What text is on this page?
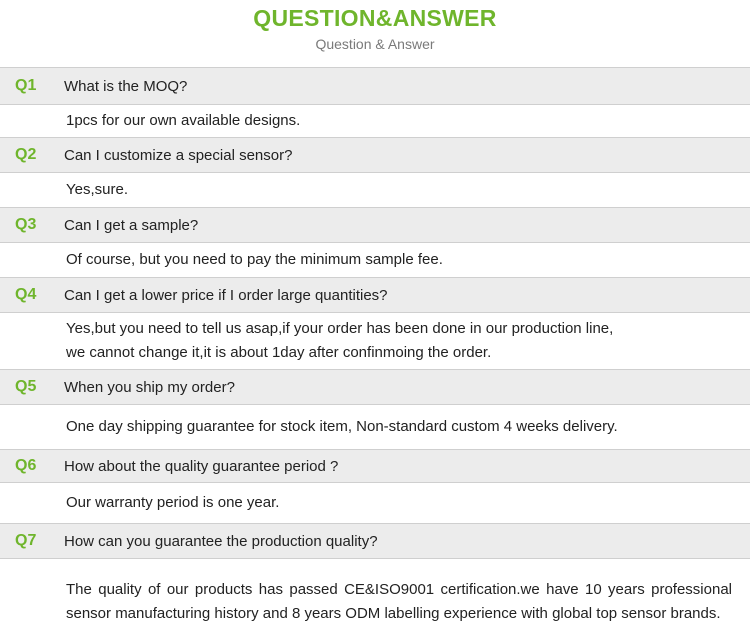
QUESTION&ANSWER
Question & Answer
Q1	What is the MOQ?
1pcs for our own available designs.
Q2	Can I customize a special sensor?
Yes,sure.
Q3	Can I get a sample?
Of course, but you need to pay the minimum sample fee.
Q4	Can I get a lower price if I order large quantities?
Yes,but you need to tell us asap,if your order has been done in our production line,
we cannot change it,it is about 1day after confinmoing the order.
Q5	When you ship my order?
One day shipping guarantee for stock item, Non-standard custom 4 weeks delivery.
Q6	How about the quality guarantee period ?
Our warranty period is one year.
Q7	How can you guarantee the production quality?
The quality of our products has passed CE&ISO9001 certification.we have 10 years professional sensor manufacturing history and 8 years ODM labelling experience with global top sensor brands.
